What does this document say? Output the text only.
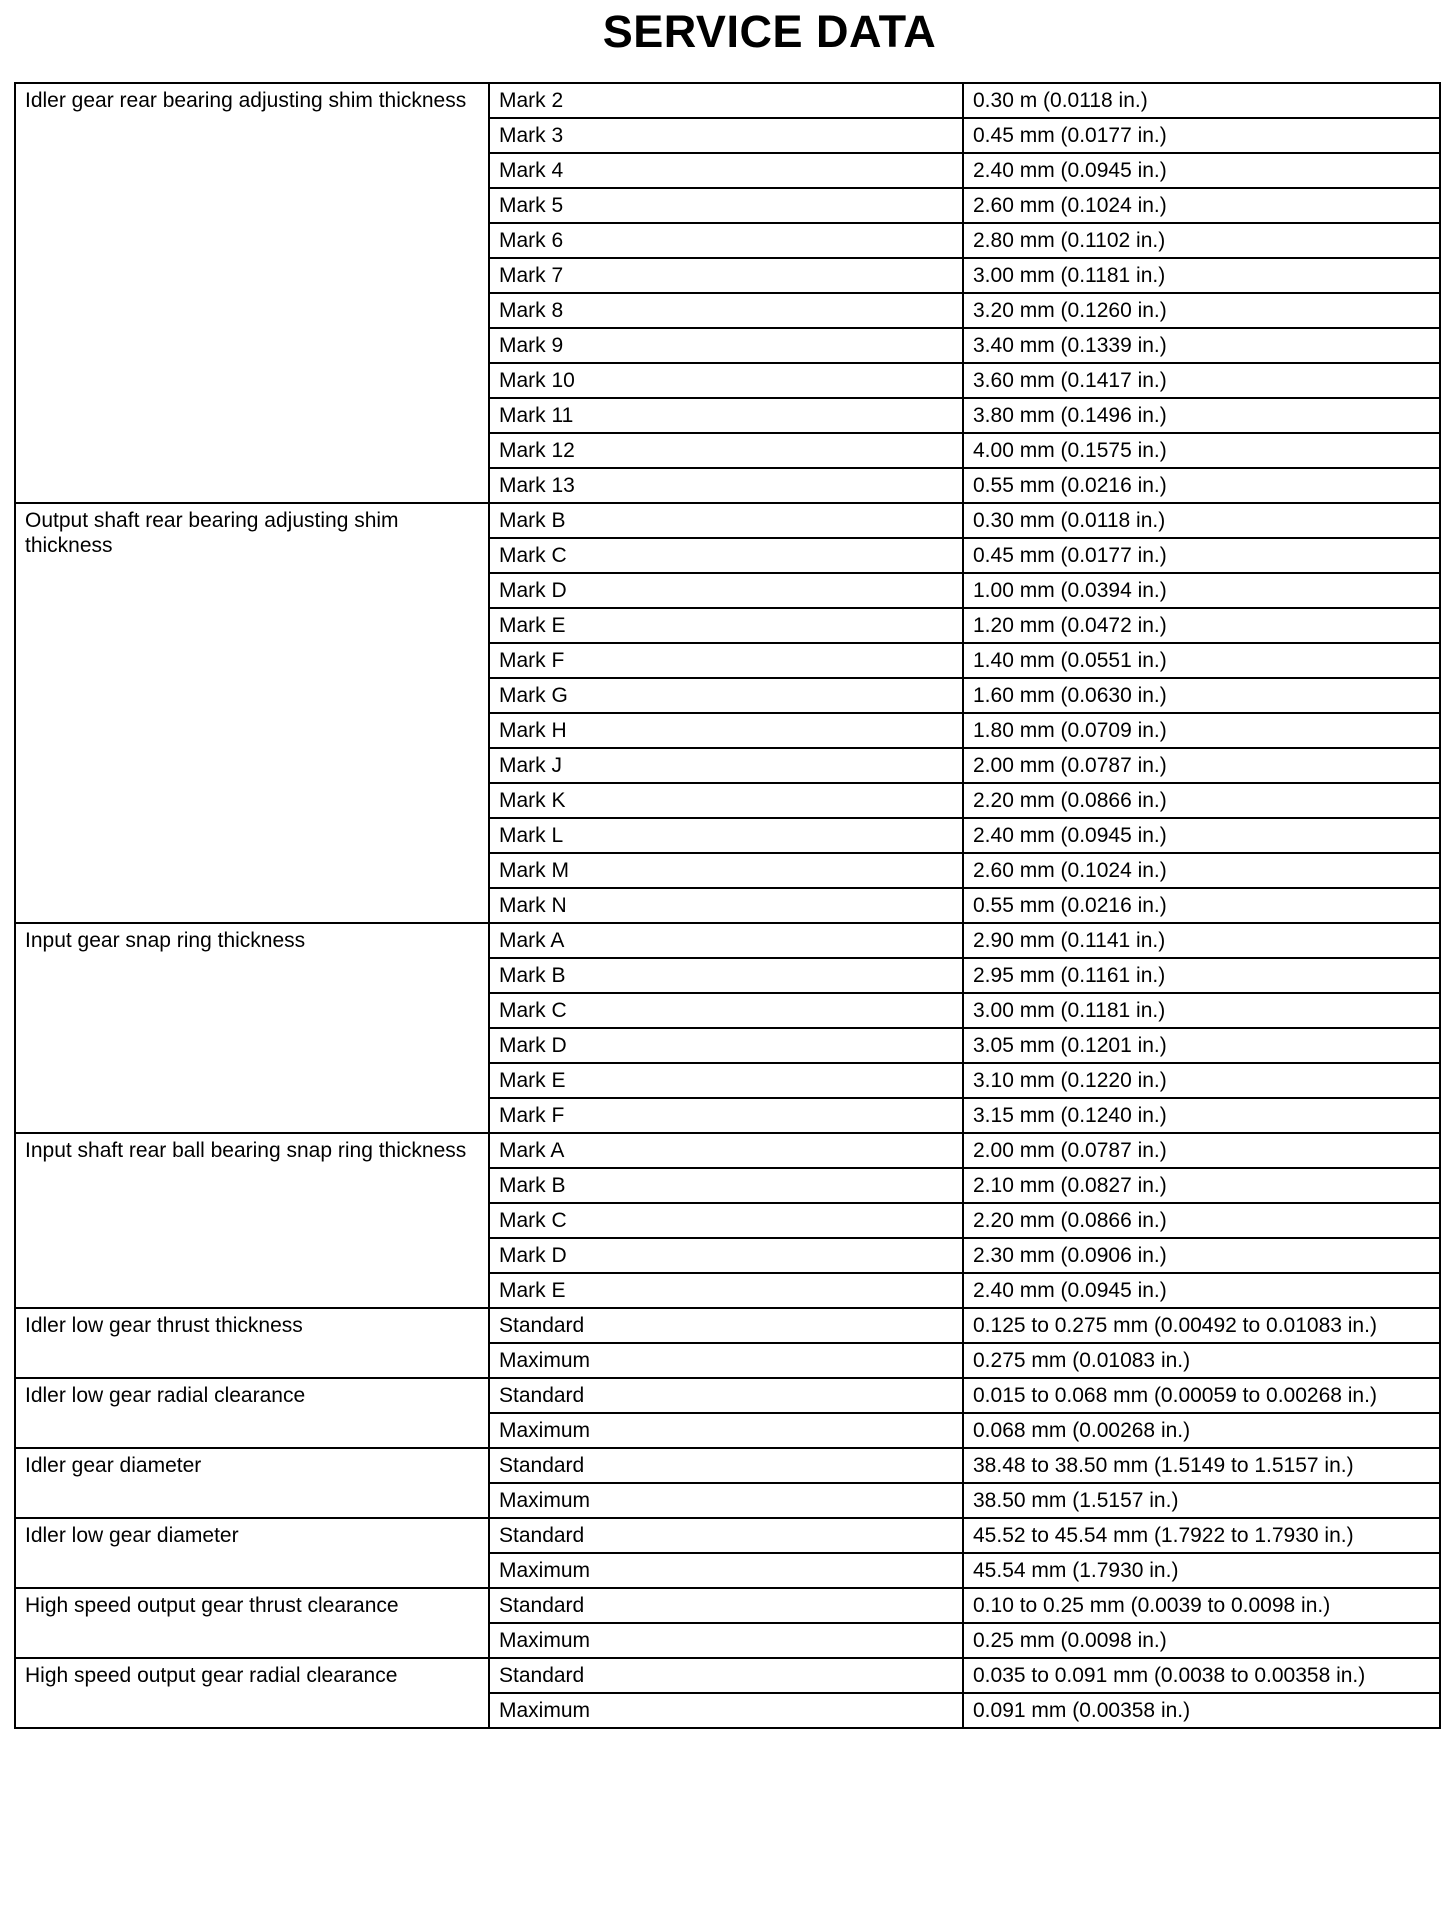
SERVICE DATA
Idler gear rear bearing adjusting shim thickness	Mark 2	0.30 m (0.0118 in.)
	Mark 3	0.45 mm (0.0177 in.)
	Mark 4	2.40 mm (0.0945 in.)
	Mark 5	2.60 mm (0.1024 in.)
	Mark 6	2.80 mm (0.1102 in.)
	Mark 7	3.00 mm (0.1181 in.)
	Mark 8	3.20 mm (0.1260 in.)
	Mark 9	3.40 mm (0.1339 in.)
	Mark 10	3.60 mm (0.1417 in.)
	Mark 11	3.80 mm (0.1496 in.)
	Mark 12	4.00 mm (0.1575 in.)
	Mark 13	0.55 mm (0.0216 in.)
Output shaft rear bearing adjusting shim thickness	Mark B	0.30 mm (0.0118 in.)
	Mark C	0.45 mm (0.0177 in.)
	Mark D	1.00 mm (0.0394 in.)
	Mark E	1.20 mm (0.0472 in.)
	Mark F	1.40 mm (0.0551 in.)
	Mark G	1.60 mm (0.0630 in.)
	Mark H	1.80 mm (0.0709 in.)
	Mark J	2.00 mm (0.0787 in.)
	Mark K	2.20 mm (0.0866 in.)
	Mark L	2.40 mm (0.0945 in.)
	Mark M	2.60 mm (0.1024 in.)
	Mark N	0.55 mm (0.0216 in.)
Input gear snap ring thickness	Mark A	2.90 mm (0.1141 in.)
	Mark B	2.95 mm (0.1161 in.)
	Mark C	3.00 mm (0.1181 in.)
	Mark D	3.05 mm (0.1201 in.)
	Mark E	3.10 mm (0.1220 in.)
	Mark F	3.15 mm (0.1240 in.)
Input shaft rear ball bearing snap ring thickness	Mark A	2.00 mm (0.0787 in.)
	Mark B	2.10 mm (0.0827 in.)
	Mark C	2.20 mm (0.0866 in.)
	Mark D	2.30 mm (0.0906 in.)
	Mark E	2.40 mm (0.0945 in.)
Idler low gear thrust thickness	Standard	0.125 to 0.275 mm (0.00492 to 0.01083 in.)
	Maximum	0.275 mm (0.01083 in.)
Idler low gear radial clearance	Standard	0.015 to 0.068 mm (0.00059 to 0.00268 in.)
	Maximum	0.068 mm (0.00268 in.)
Idler gear diameter	Standard	38.48 to 38.50 mm (1.5149 to 1.5157 in.)
	Maximum	38.50 mm (1.5157 in.)
Idler low gear diameter	Standard	45.52 to 45.54 mm (1.7922 to 1.7930 in.)
	Maximum	45.54 mm (1.7930 in.)
High speed output gear thrust clearance	Standard	0.10 to 0.25 mm (0.0039 to 0.0098 in.)
	Maximum	0.25 mm (0.0098 in.)
High speed output gear radial clearance	Standard	0.035 to 0.091 mm (0.0038 to 0.00358 in.)
	Maximum	0.091 mm (0.00358 in.)
